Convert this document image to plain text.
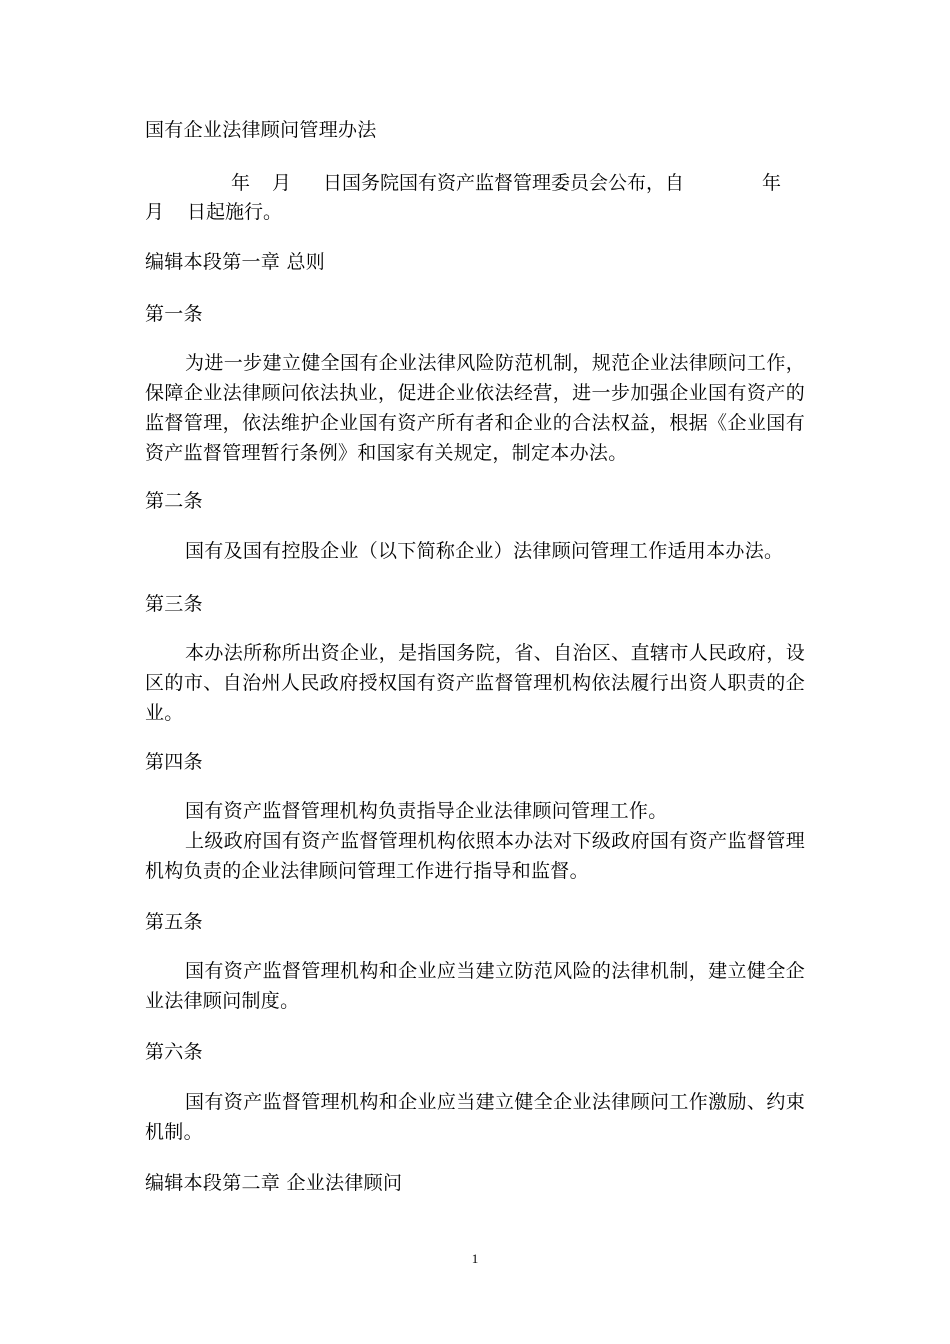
国有企业法律顾问管理办法
年 月 日国务院国有资产监督管理委员会公布，自	年
月 日起施行。
编辑本段第一章 总则
第一条
为进一步建立健全国有企业法律风险防范机制，规范企业法律顾问工作，保障企业法律顾问依法执业，促进企业依法经营，进一步加强企业国有资产的监督管理，依法维护企业国有资产所有者和企业的合法权益，根据《企业国有资产监督管理暂行条例》和国家有关规定，制定本办法。
第二条
国有及国有控股企业（以下简称企业）法律顾问管理工作适用本办法。
第三条
本办法所称所出资企业，是指国务院，省、自治区、直辖市人民政府，设区的市、自治州人民政府授权国有资产监督管理机构依法履行出资人职责的企业。
第四条
国有资产监督管理机构负责指导企业法律顾问管理工作。
上级政府国有资产监督管理机构依照本办法对下级政府国有资产监督管理机构负责的企业法律顾问管理工作进行指导和监督。
第五条
国有资产监督管理机构和企业应当建立防范风险的法律机制，建立健全企业法律顾问制度。
第六条
国有资产监督管理机构和企业应当建立健全企业法律顾问工作激励、约束机制。
编辑本段第二章 企业法律顾问
1
